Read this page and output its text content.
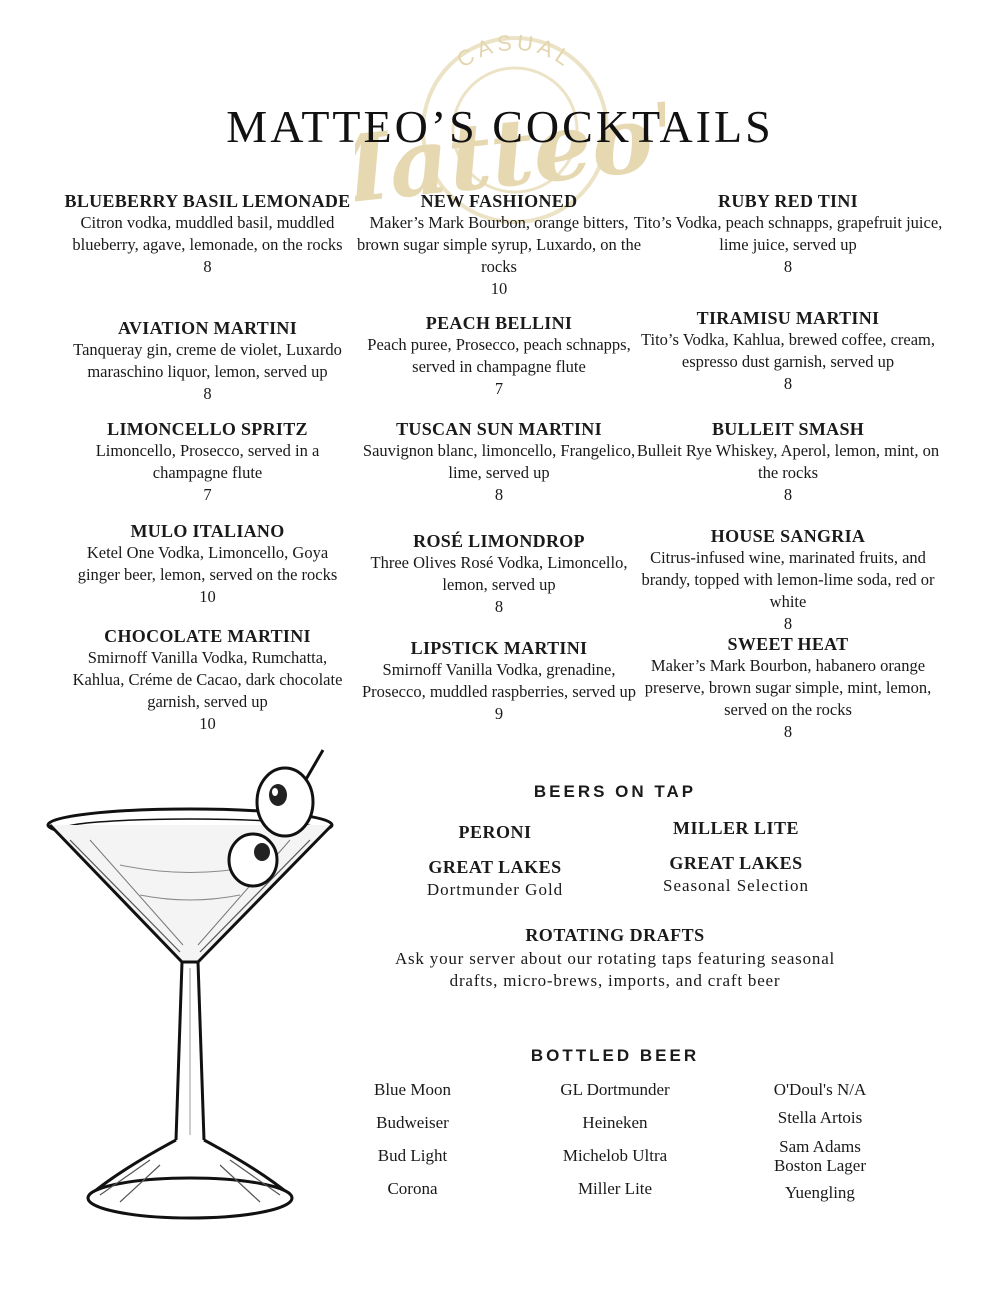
CASUAL
Matteo's
MATTEO’S COCKTAILS
BLUEBERRY BASIL LEMONADE
Citron vodka, muddled basil, muddled blueberry, agave, lemonade, on the rocks
8
AVIATION MARTINI
Tanqueray gin, creme de violet, Luxardo maraschino liquor, lemon, served up
8
LIMONCELLO SPRITZ
Limoncello, Prosecco, served in a champagne flute
7
MULO ITALIANO
Ketel One Vodka, Limoncello, Goya ginger beer, lemon, served on the rocks
10
CHOCOLATE MARTINI
Smirnoff Vanilla Vodka, Rumchatta, Kahlua, Créme de Cacao, dark chocolate garnish, served up
10
NEW FASHIONED
Maker’s Mark Bourbon, orange bitters, brown sugar simple syrup, Luxardo, on the rocks
10
PEACH BELLINI
Peach puree, Prosecco, peach schnapps, served in champagne flute
7
TUSCAN SUN MARTINI
Sauvignon blanc, limoncello, Frangelico, lime, served up
8
ROSÉ LIMONDROP
Three Olives Rosé Vodka, Limoncello, lemon, served up
8
LIPSTICK MARTINI
Smirnoff Vanilla Vodka, grenadine, Prosecco, muddled raspberries, served up
9
RUBY RED TINI
Tito’s Vodka, peach schnapps, grapefruit juice, lime juice, served up
8
TIRAMISU MARTINI
Tito’s Vodka, Kahlua, brewed coffee, cream, espresso dust garnish, served up
8
BULLEIT SMASH
Bulleit Rye Whiskey, Aperol, lemon, mint, on the rocks
8
HOUSE SANGRIA
Citrus-infused wine, marinated fruits, and brandy, topped with lemon-lime soda, red or white
8
SWEET HEAT
Maker’s Mark Bourbon, habanero orange preserve, brown sugar simple, mint, lemon, served on the rocks
8
BEERS ON TAP
PERONI	MILLER LITE
GREAT LAKES
Dortmunder Gold
GREAT LAKES
Seasonal Selection
ROTATING DRAFTS
Ask your server about our rotating taps featuring seasonal drafts, micro-brews, imports, and craft beer
BOTTLED BEER
Blue Moon
Budweiser
Bud Light
Corona
GL Dortmunder
Heineken
Michelob Ultra
Miller Lite
O'Doul's N/A
Stella Artois
Sam Adams Boston Lager
Yuengling
